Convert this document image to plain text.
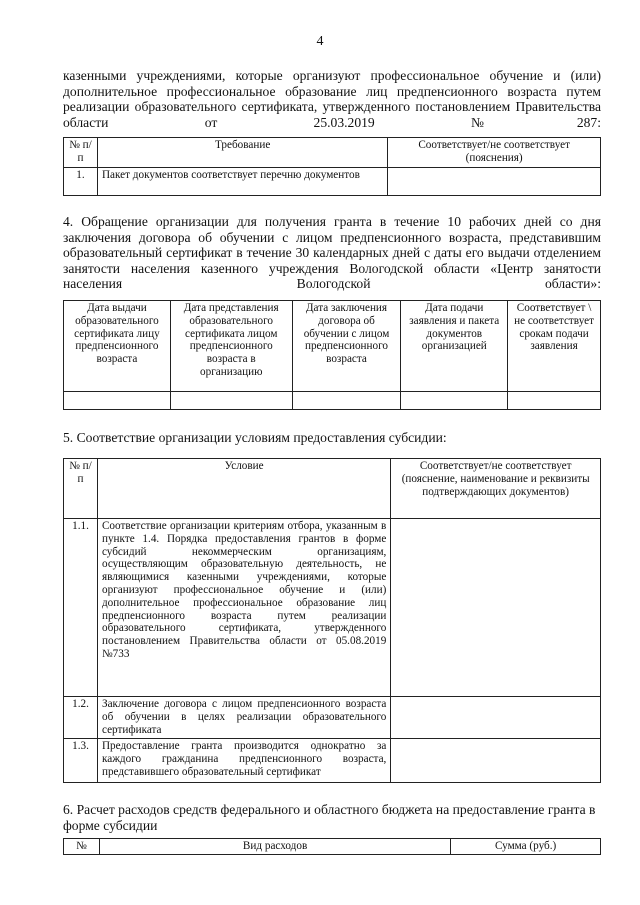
4
казенными учреждениями, которые организуют профессиональное обучение и (или) дополнительное профессиональное образование лиц предпенсионного возраста путем реализации образовательного сертификата, утвержденного постановлением Правительства области от 25.03.2019 №287:
№ п/п	Требование	Соответствует/не соответствует (пояснения)
1.	Пакет документов соответствует перечню документов	
4. Обращение организации для получения гранта в течение 10 рабочих дней со дня заключения договора об обучении с лицом предпенсионного возраста, представившим образовательный сертификат в течение 30 календарных дней с даты его выдачи отделением занятости населения казенного учреждения Вологодской области «Центр занятости населения Вологодской области»:
Дата выдачи образовательного сертификата лицу предпенсионного возраста	Дата представления образовательного сертификата лицом предпенсионного возраста в организацию	Дата заключения договора об обучении с лицом предпенсионного возраста	Дата подачи заявления и пакета документов организацией	Соответствует \ не соответствует срокам подачи заявления

5. Соответствие организации условиям предоставления субсидии:
№ п/п	Условие	Соответствует/не соответствует (пояснение, наименование и реквизиты подтверждающих документов)
1.1.	Соответствие организации критериям отбора, указанным в пункте 1.4. Порядка предоставления грантов в форме субсидий некоммерческим организациям, осуществляющим образовательную деятельность, не являющимися казенными учреждениями, которые организуют профессиональное обучение и (или) дополнительное профессиональное образование лиц предпенсионного возраста путем реализации образовательного сертификата, утвержденного постановлением Правительства области от 05.08.2019 №733	
1.2.	Заключение договора с лицом предпенсионного возраста об обучении в целях реализации образовательного сертификата	
1.3.	Предоставление гранта производится однократно за каждого гражданина предпенсионного возраста, представившего образовательный сертификат	
6. Расчет расходов средств федерального и областного бюджета на предоставление гранта в форме субсидии
№	Вид расходов	Сумма (руб.)
